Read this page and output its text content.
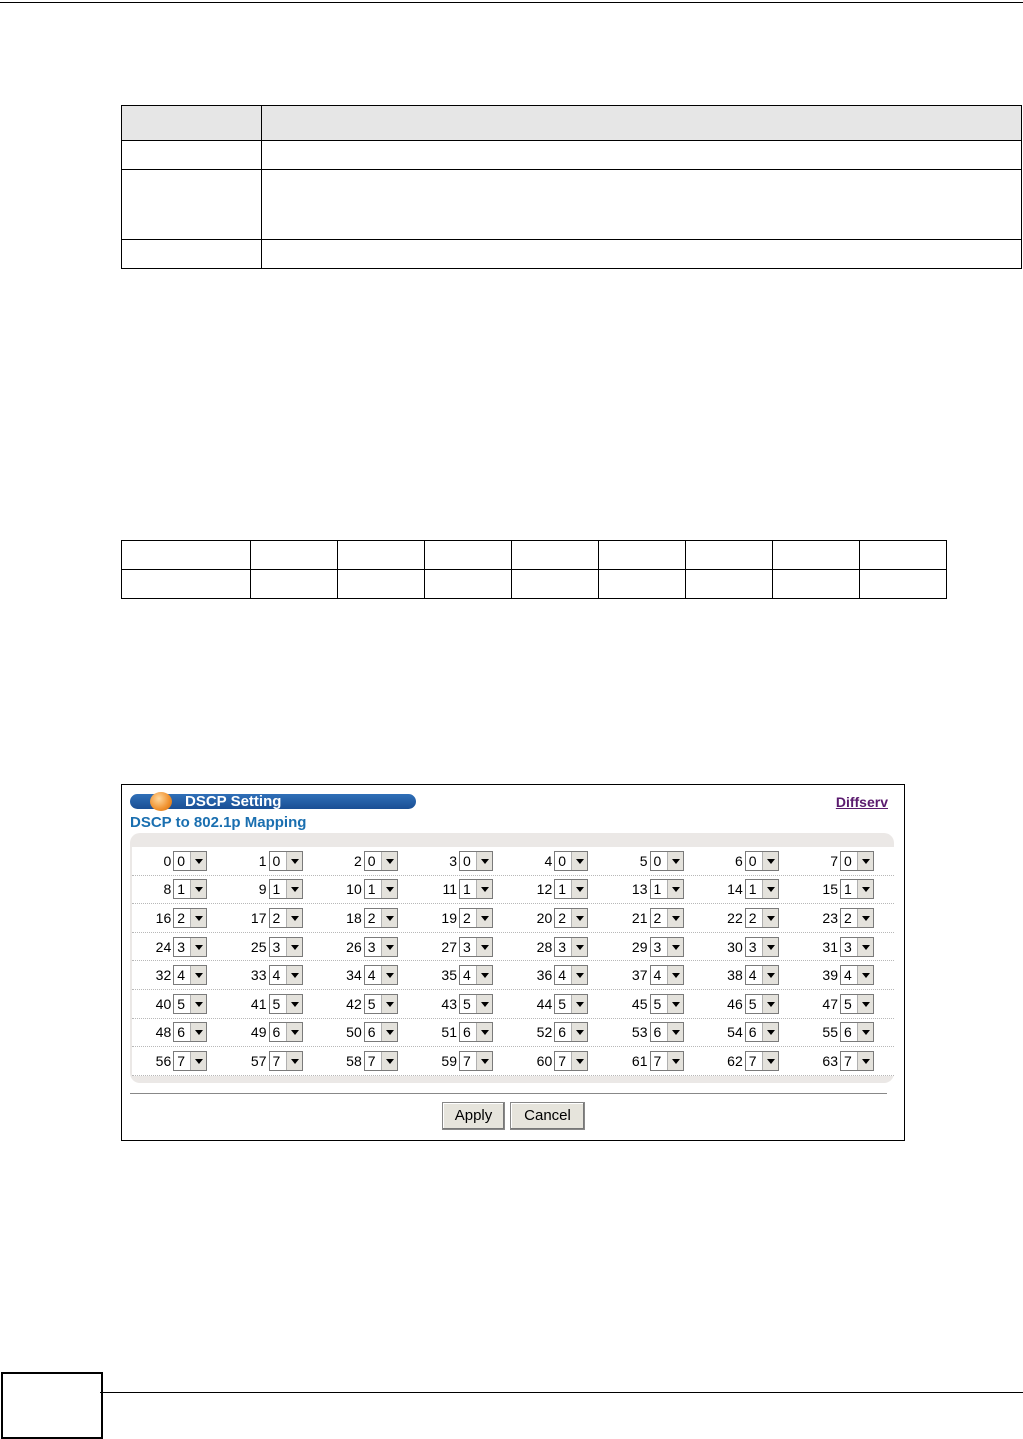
DSCP Setting	Diffserv
DSCP to 802.1p Mapping
0 0	1 0	2 0	3 0	4 0	5 0	6 0	7 0
8 1	9 1	10 1	11 1	12 1	13 1	14 1	15 1
16 2	17 2	18 2	19 2	20 2	21 2	22 2	23 2
24 3	25 3	26 3	27 3	28 3	29 3	30 3	31 3
32 4	33 4	34 4	35 4	36 4	37 4	38 4	39 4
40 5	41 5	42 5	43 5	44 5	45 5	46 5	47 5
48 6	49 6	50 6	51 6	52 6	53 6	54 6	55 6
56 7	57 7	58 7	59 7	60 7	61 7	62 7	63 7
Apply	Cancel
